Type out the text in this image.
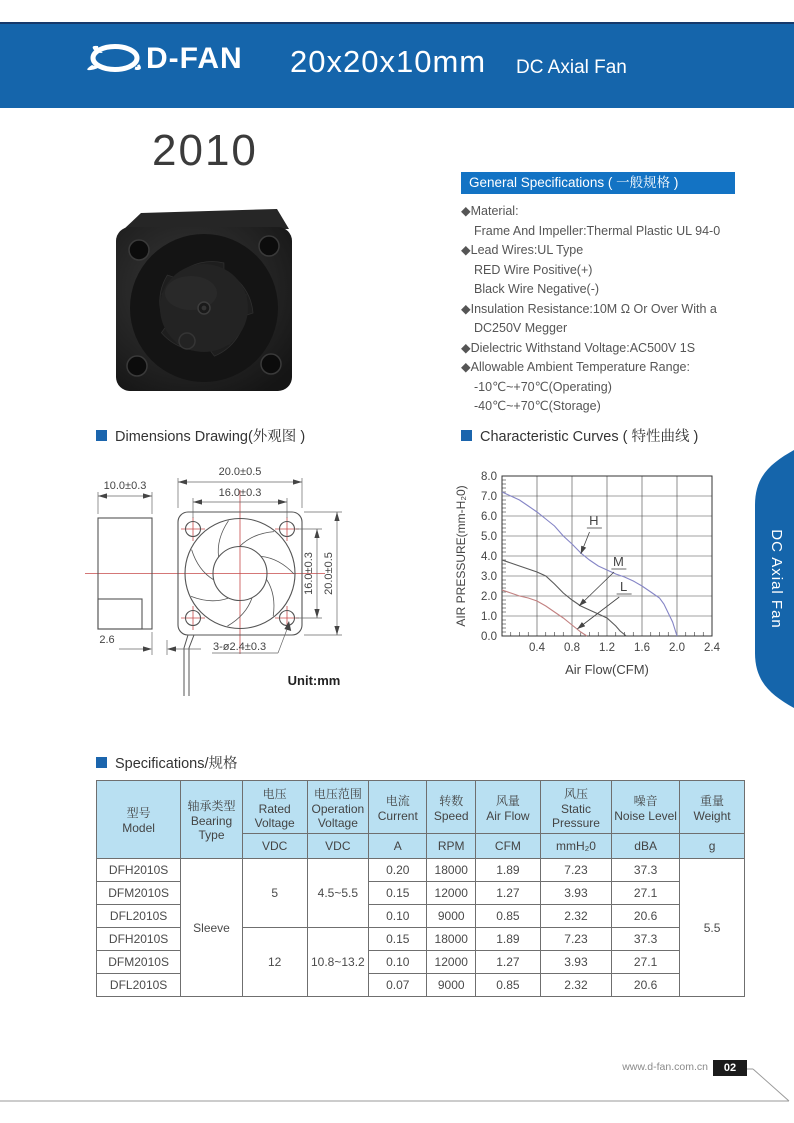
D-FAN 20x20x10mm DC Axial Fan
2010
General Specifications ( 一般规格 )
◆Material:
Frame And Impeller:Thermal Plastic UL 94-0
◆Lead Wires:UL Type
RED Wire Positive(+)
Black Wire Negative(-)
◆Insulation Resistance:10M Ω Or Over With a
DC250V Megger
◆Dielectric Withstand Voltage:AC500V 1S
◆Allowable Ambient Temperature Range:
-10℃~+70℃(Operating)
-40℃~+70℃(Storage)
Dimensions Drawing(外观图 )	Characteristic Curves ( 特性曲线 )
10.0±0.3
20.0±0.5
16.0±0.3
16.0±0.3 20.0±0.5
2.6
3-ø2.4±0.3
Unit:mm
0.4 0.8 1.2 1.6 2.0 2.4
0.0
1.0
2.0
3.0
4.0
5.0
6.0
7.0
8.0
Air Flow(CFM)
AIR PRESSURE(mm-H₂0)	H
M
L	DC Axial Fan
Specifications/规格
型号
Model

轴承类型
Bearing Type

电压
Rated Voltage

电压范围
Operation Voltage

电流
Current

转数
Speed

风量
Air Flow

风压
Static Pressure

噪音
Noise Level

重量
Weight

		VDC	VDC	A	RPM	CFM	mmH₂0	dBA	g
DFH2010S	Sleeve	5	4.5~5.5	0.20	18000	1.89	7.23	37.3	5.5
DFM2010S				0.15	12000	1.27	3.93	27.1	
DFL2010S				0.10	9000	0.85	2.32	20.6	
DFH2010S		12	10.8~13.2	0.15	18000	1.89	7.23	37.3	
DFM2010S				0.10	12000	1.27	3.93	27.1	
DFL2010S				0.07	9000	0.85	2.32	20.6	
www.d-fan.com.cn	02
